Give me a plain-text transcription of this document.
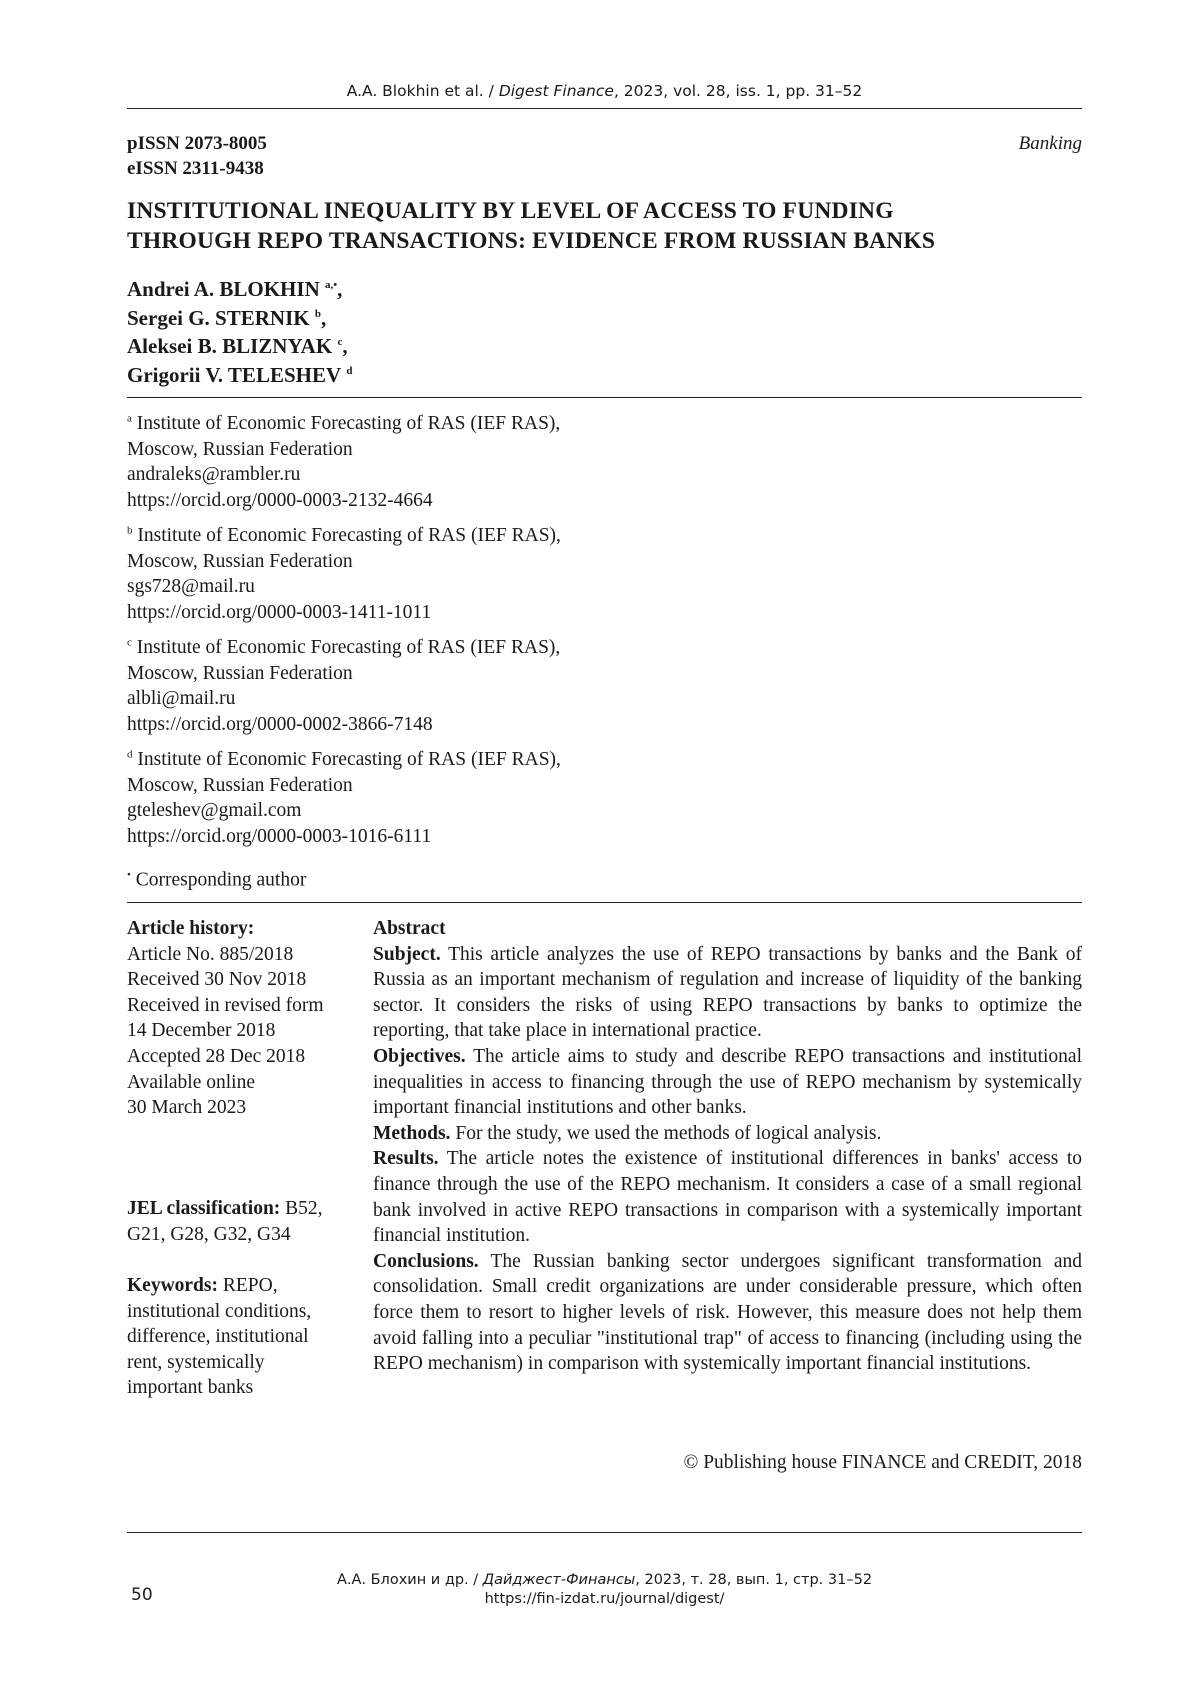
A.A. Blokhin et al. / Digest Finance, 2023, vol. 28, iss. 1, pp. 31–52
pISSN 2073-8005
eISSN 2311-9438
Banking
INSTITUTIONAL INEQUALITY BY LEVEL OF ACCESS TO FUNDING
THROUGH REPO TRANSACTIONS: EVIDENCE FROM RUSSIAN BANKS
Andrei A. BLOKHIN $^{a,•}$,
Sergei G. STERNIK $^b$,
Aleksei B. BLIZNYAK $^c$,
Grigorii V. TELESHEV $^d$
$^a$ Institute of Economic Forecasting of RAS (IEF RAS),
Moscow, Russian Federation
andraleks@rambler.ru
https://orcid.org/0000-0003-2132-4664
$^b$ Institute of Economic Forecasting of RAS (IEF RAS),
Moscow, Russian Federation
sgs728@mail.ru
https://orcid.org/0000-0003-1411-1011
$^c$ Institute of Economic Forecasting of RAS (IEF RAS),
Moscow, Russian Federation
albli@mail.ru
https://orcid.org/0000-0002-3866-7148
$^d$ Institute of Economic Forecasting of RAS (IEF RAS),
Moscow, Russian Federation
gteleshev@gmail.com
https://orcid.org/0000-0003-1016-6111
• Corresponding author
Article history:
Article No. 885/2018
Received 30 Nov 2018
Received in revised form
14 December 2018
Accepted 28 Dec 2018
Available online
30 March 2023
JEL classification: B52,
G21, G28, G32, G34
Keywords: REPO,
institutional conditions,
difference, institutional
rent, systemically
important banks

Abstract

Subject. This article analyzes the use of REPO transactions by banks and the Bank of Russia as an important mechanism of regulation and increase of liquidity of the banking sector. It considers the risks of using REPO transactions by banks to optimize the reporting, that take place in international practice.

Objectives. The article aims to study and describe REPO transactions and institutional inequalities in access to financing through the use of REPO mechanism by systemically important financial institutions and other banks.

Methods. For the study, we used the methods of logical analysis.

Results. The article notes the existence of institutional differences in banks' access to finance through the use of the REPO mechanism. It considers a case of a small regional bank involved in active REPO transactions in comparison with a systemically important financial institution.

Conclusions. The Russian banking sector undergoes significant transformation and consolidation. Small credit organizations are under considerable pressure, which often force them to resort to higher levels of risk. However, this measure does not help them avoid falling into a peculiar "institutional trap" of access to financing (including using the REPO mechanism) in comparison with systemically important financial institutions.

© Publishing house FINANCE and CREDIT, 2018
А.А. Блохин и др. / Дайджест-Финансы, 2023, т. 28, вып. 1, стр. 31–52
https://fin-izdat.ru/journal/digest/
50
